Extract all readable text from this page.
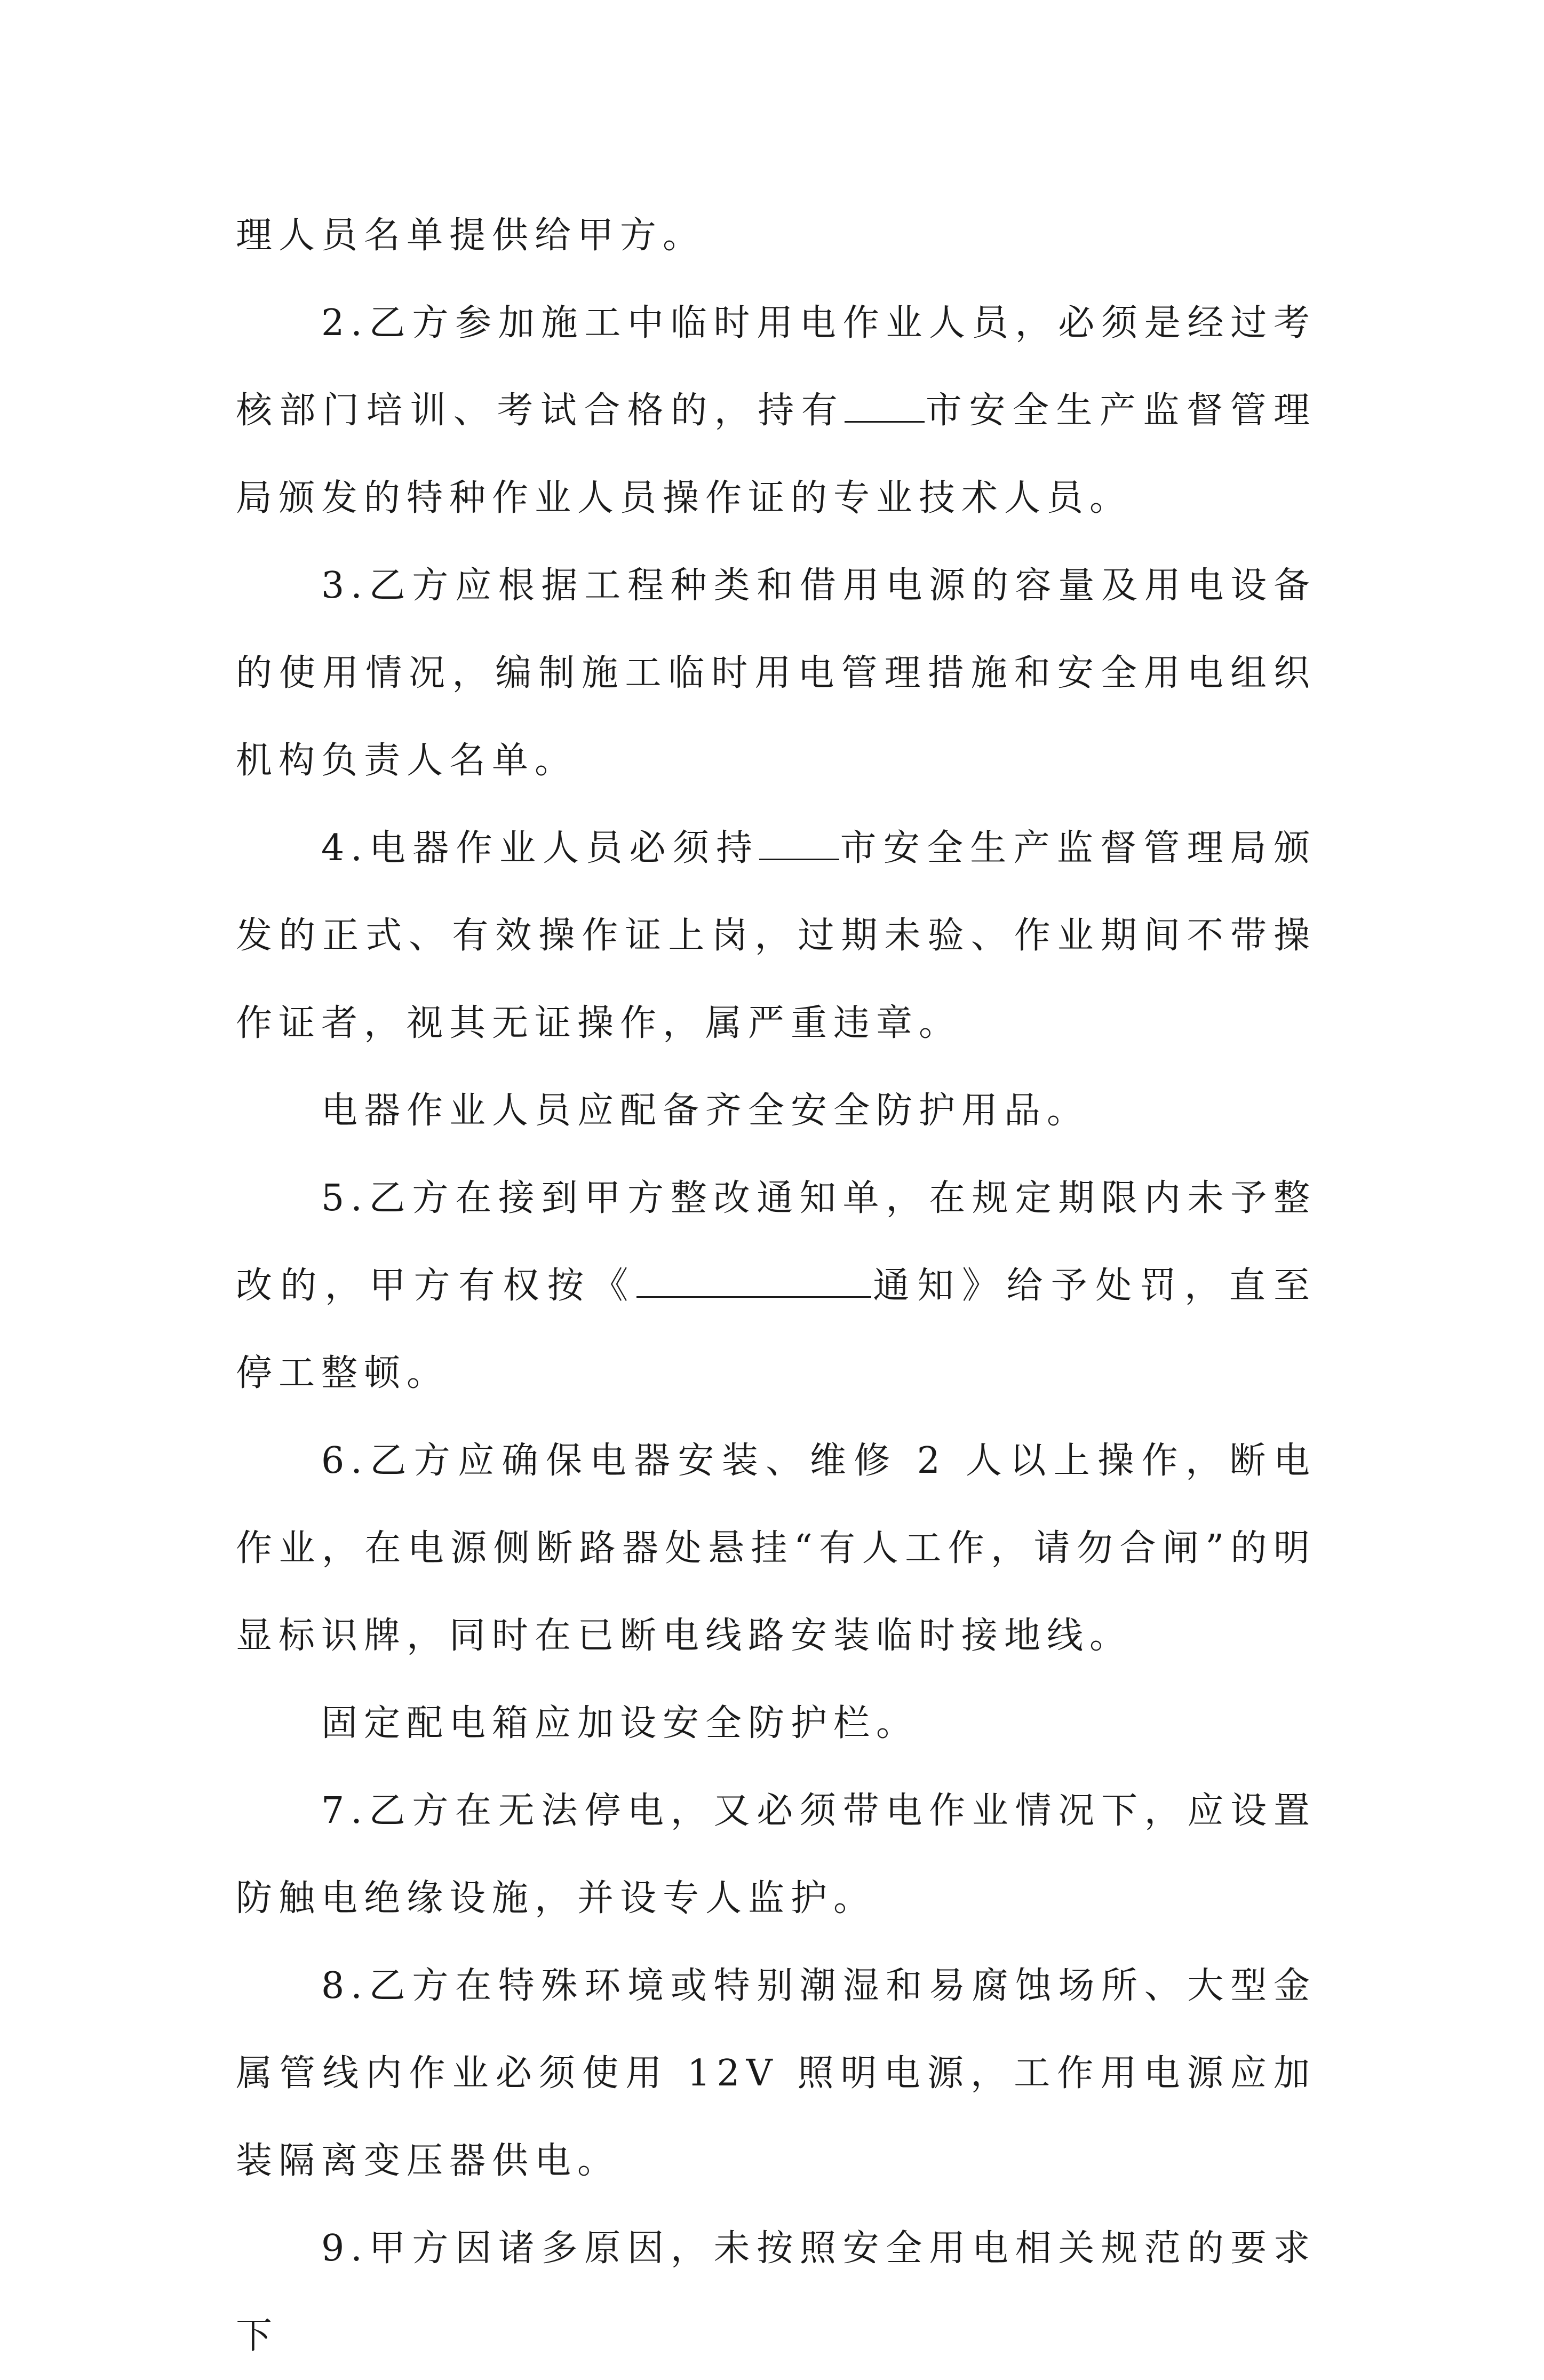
理人员名单提供给甲方。

2.乙方参加施工中临时用电作业人员，必须是经过考核部门培训、考试合格的，持有 市安全生产监督管理局颁发的特种作业人员操作证的专业技术人员。

3.乙方应根据工程种类和借用电源的容量及用电设备的使用情况，编制施工临时用电管理措施和安全用电组织机构负责人名单。

4.电器作业人员必须持 市安全生产监督管理局颁发的正式、有效操作证上岗，过期未验、作业期间不带操作证者，视其无证操作，属严重违章。

电器作业人员应配备齐全安全防护用品。

5.乙方在接到甲方整改通知单，在规定期限内未予整改的，甲方有权按《	通知》给予处罚，直至停工整顿。

6.乙方应确保电器安装、维修 2 人以上操作，断电作业，在电源侧断路器处悬挂“有人工作，请勿合闸”的明显标识牌，同时在已断电线路安装临时接地线。

固定配电箱应加设安全防护栏。

7.乙方在无法停电，又必须带电作业情况下，应设置防触电绝缘设施，并设专人监护。

8.乙方在特殊环境或特别潮湿和易腐蚀场所、大型金属管线内作业必须使用 12V 照明电源，工作用电源应加装隔离变压器供电。

9.甲方因诸多原因，未按照安全用电相关规范的要求下
